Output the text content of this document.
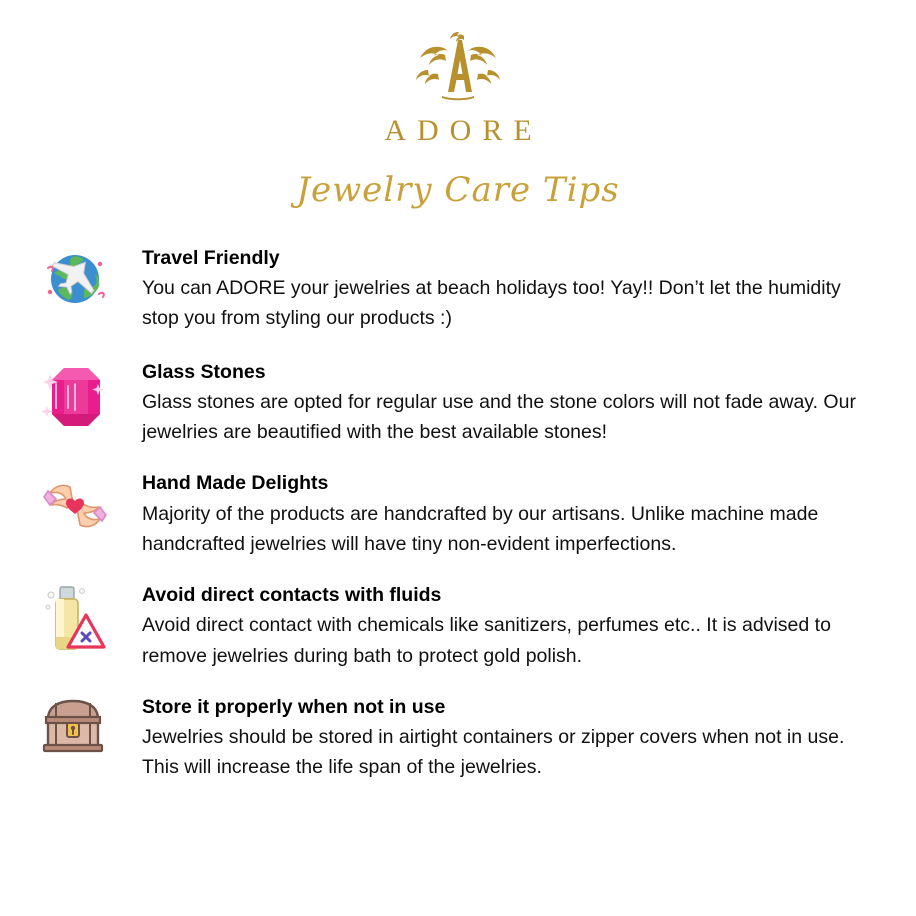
ADORE
Jewelry Care Tips

Travel Friendly

You can ADORE your jewelries at beach holidays too! Yay!! Don’t let the humidity stop you from styling our products :)

Glass Stones

Glass stones are opted for regular use and the stone colors will not fade away. Our jewelries are beautified with the best available stones!

Hand Made Delights

Majority of the products are handcrafted by our artisans. Unlike machine made handcrafted jewelries will have tiny non-evident imperfections.

Avoid direct contacts with fluids

Avoid direct contact with chemicals like sanitizers, perfumes etc.. It is advised to remove jewelries during bath to protect gold polish.

Store it properly when not in use

Jewelries should be stored in airtight containers or zipper covers when not in use. This will increase the life span of the jewelries.
